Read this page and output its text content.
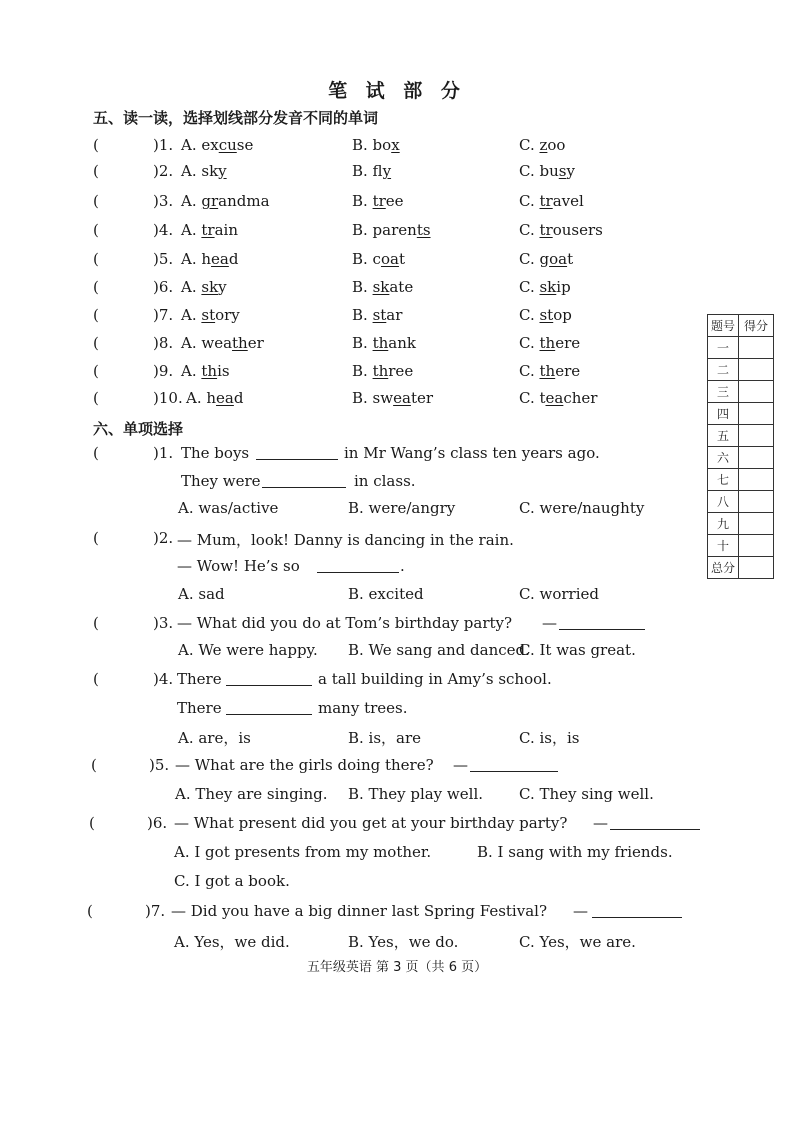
笔 试 部 分
五、读一读，选择划线部分发音不同的单词
(	)1. A. excuse	B. box	C. zoo
(	)2. A. sky	B. fly	C. busy
(	)3. A. grandma	B. tree	C. travel
(	)4. A. train	B. parents	C. trousers
(	)5. A. head	B. coat	C. goat
(	)6. A. sky	B. skate	C. skip
(	)7. A. story	B. star	C. stop
(	)8. A. weather	B. thank	C. there
(	)9. A. this	B. three	C. there
(	)10. A. head	B. sweater	C. teacher
六、单项选择
(	)1. The boys	in Mr Wang’s class ten years ago.
They were	in class.
A. was/active	B. were/angry	C. were/naughty
(	)2. — Mum，look! Danny is dancing in the rain.
— Wow! He’s so	.
A. sad	B. excited	C. worried
(	)3. — What did you do at Tom’s birthday party? —
A. We were happy. B. We sang and danced.
C. It was great.
(	)4. There	a tall building in Amy’s school.
There	many trees.
A. are，is	B. is，are	C. is，is
(	)5. — What are the girls doing there? —
A. They are singing. B. They play well. C. They sing well.
(	)6. — What present did you get at your birthday party? —
A. I got presents from my mother.	B. I sang with my friends.
C. I got a book.
(	)7. — Did you have a big dinner last Spring Festival? —
A. Yes，we did.	B. Yes，we do.	C. Yes，we are.
题号	得分
一	
二	
三	
四	
五	
六	
七	
八	
九	
十	
总分	
五年级英语 第 3 页（共 6 页）
